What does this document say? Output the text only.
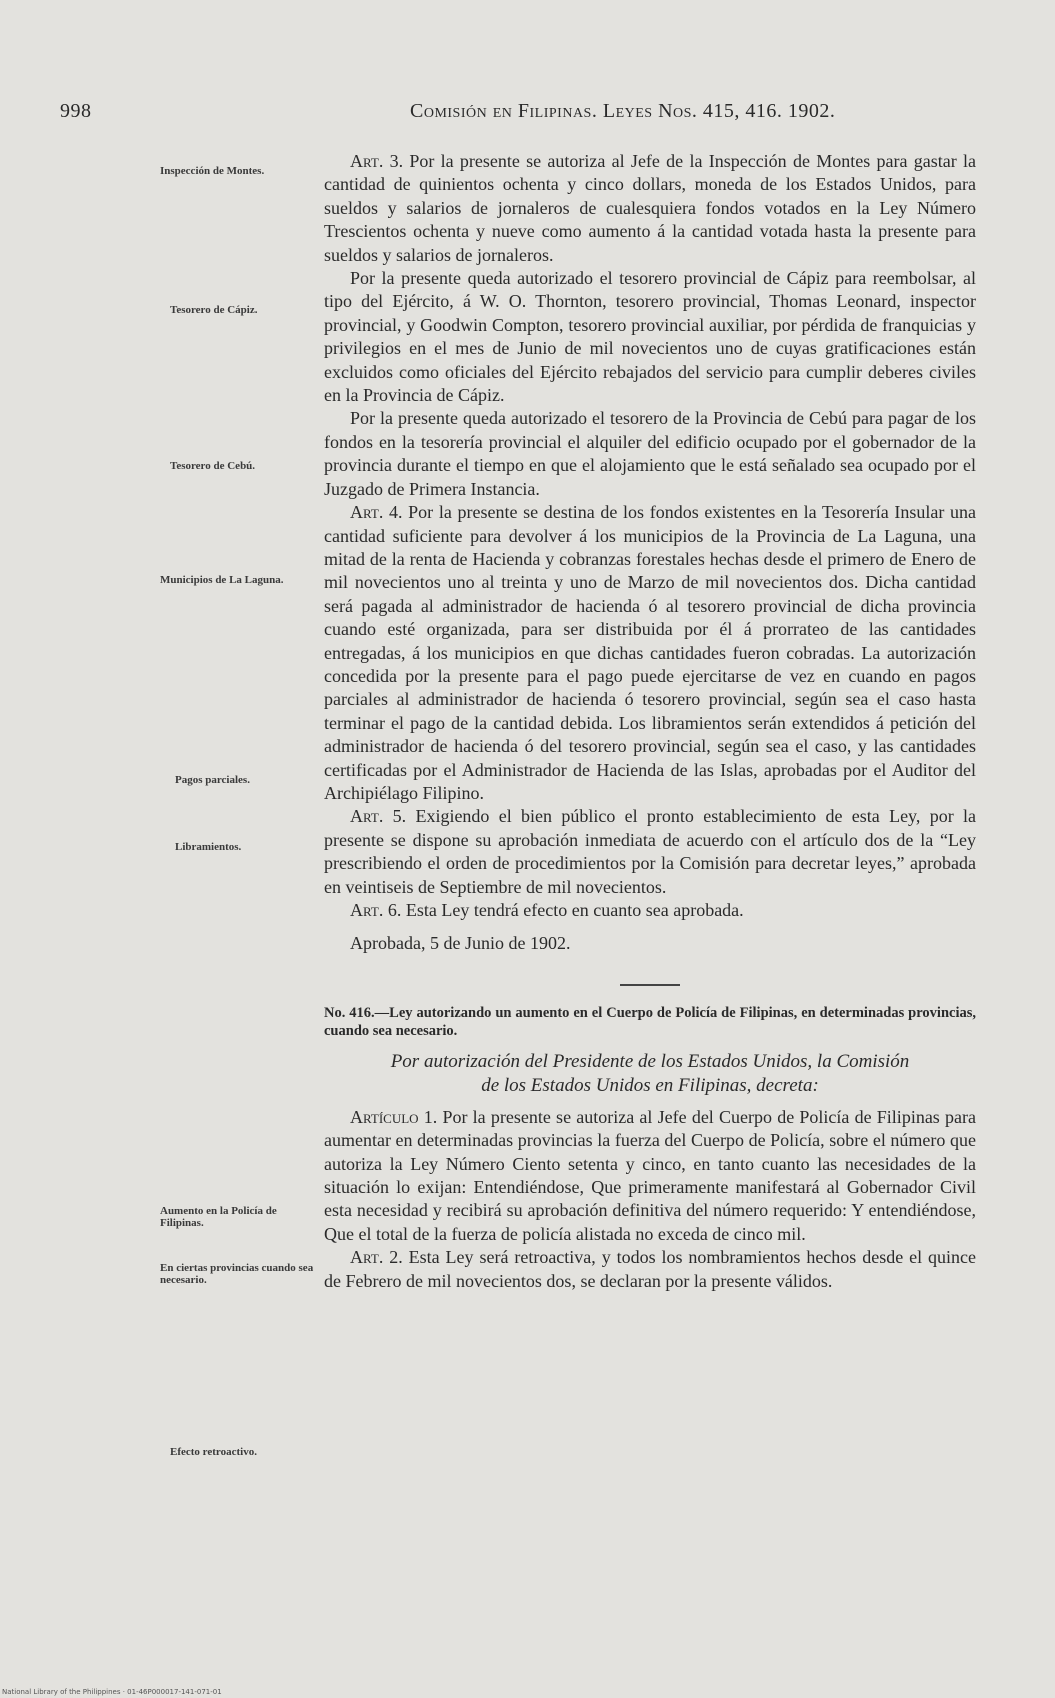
998	Comisión en Filipinas. Leyes Nos. 415, 416. 1902.
Inspección de Montes.
Tesorero de Cápiz.
Tesorero de Cebú.
Municipios de La Laguna.
Pagos parciales.
Libramientos.
Aumento en la Policía de Filipinas.
En ciertas provincias cuando sea necesario.
Efecto retroactivo.

Art. 3. Por la presente se autoriza al Jefe de la Inspección de Montes para gastar la cantidad de quinientos ochenta y cinco dollars, moneda de los Estados Unidos, para sueldos y salarios de jornaleros de cualesquiera fondos votados en la Ley Número Trescientos ochenta y nueve como aumento á la cantidad votada hasta la presente para sueldos y salarios de jornaleros.

Por la presente queda autorizado el tesorero provincial de Cápiz para reembolsar, al tipo del Ejército, á W. O. Thornton, tesorero provincial, Thomas Leonard, inspector provincial, y Goodwin Compton, tesorero provincial auxiliar, por pérdida de franquicias y privilegios en el mes de Junio de mil novecientos uno de cuyas gratificaciones están excluidos como oficiales del Ejército rebajados del servicio para cumplir deberes civiles en la Provincia de Cápiz.

Por la presente queda autorizado el tesorero de la Provincia de Cebú para pagar de los fondos en la tesorería provincial el alquiler del edificio ocupado por el gobernador de la provincia durante el tiempo en que el alojamiento que le está señalado sea ocupado por el Juzgado de Primera Instancia.

Art. 4. Por la presente se destina de los fondos existentes en la Tesorería Insular una cantidad suficiente para devolver á los municipios de la Provincia de La Laguna, una mitad de la renta de Hacienda y cobranzas forestales hechas desde el primero de Enero de mil novecientos uno al treinta y uno de Marzo de mil novecientos dos. Dicha cantidad será pagada al administrador de hacienda ó al tesorero provincial de dicha provincia cuando esté organizada, para ser distribuida por él á prorrateo de las cantidades entregadas, á los municipios en que dichas cantidades fueron cobradas. La autorización concedida por la presente para el pago puede ejercitarse de vez en cuando en pagos parciales al administrador de hacienda ó tesorero provincial, según sea el caso hasta terminar el pago de la cantidad debida. Los libramientos serán extendidos á petición del administrador de hacienda ó del tesorero provincial, según sea el caso, y las cantidades certificadas por el Administrador de Hacienda de las Islas, aprobadas por el Auditor del Archipiélago Filipino.

Art. 5. Exigiendo el bien público el pronto establecimiento de esta Ley, por la presente se dispone su aprobación inmediata de acuerdo con el artículo dos de la “Ley prescribiendo el orden de procedimientos por la Comisión para decretar leyes,” aprobada en veintiseis de Septiembre de mil novecientos.

Art. 6. Esta Ley tendrá efecto en cuanto sea aprobada.

Aprobada, 5 de Junio de 1902.

No. 416.—Ley autorizando un aumento en el Cuerpo de Policía de Filipinas, en determinadas provincias, cuando sea necesario.

Por autorización del Presidente de los Estados Unidos, la Comisión
de los Estados Unidos en Filipinas, decreta:

Artículo 1. Por la presente se autoriza al Jefe del Cuerpo de Policía de Filipinas para aumentar en determinadas provincias la fuerza del Cuerpo de Policía, sobre el número que autoriza la Ley Número Ciento setenta y cinco, en tanto cuanto las necesidades de la situación lo exijan: Entendiéndose, Que primeramente manifestará al Gobernador Civil esta necesidad y recibirá su aprobación definitiva del número requerido: Y entendiéndose, Que el total de la fuerza de policía alistada no exceda de cinco mil.

Art. 2. Esta Ley será retroactiva, y todos los nombramientos hechos desde el quince de Febrero de mil novecientos dos, se declaran por la presente válidos.

National Library of the Philippines · 01-46P000017-141-071-01
